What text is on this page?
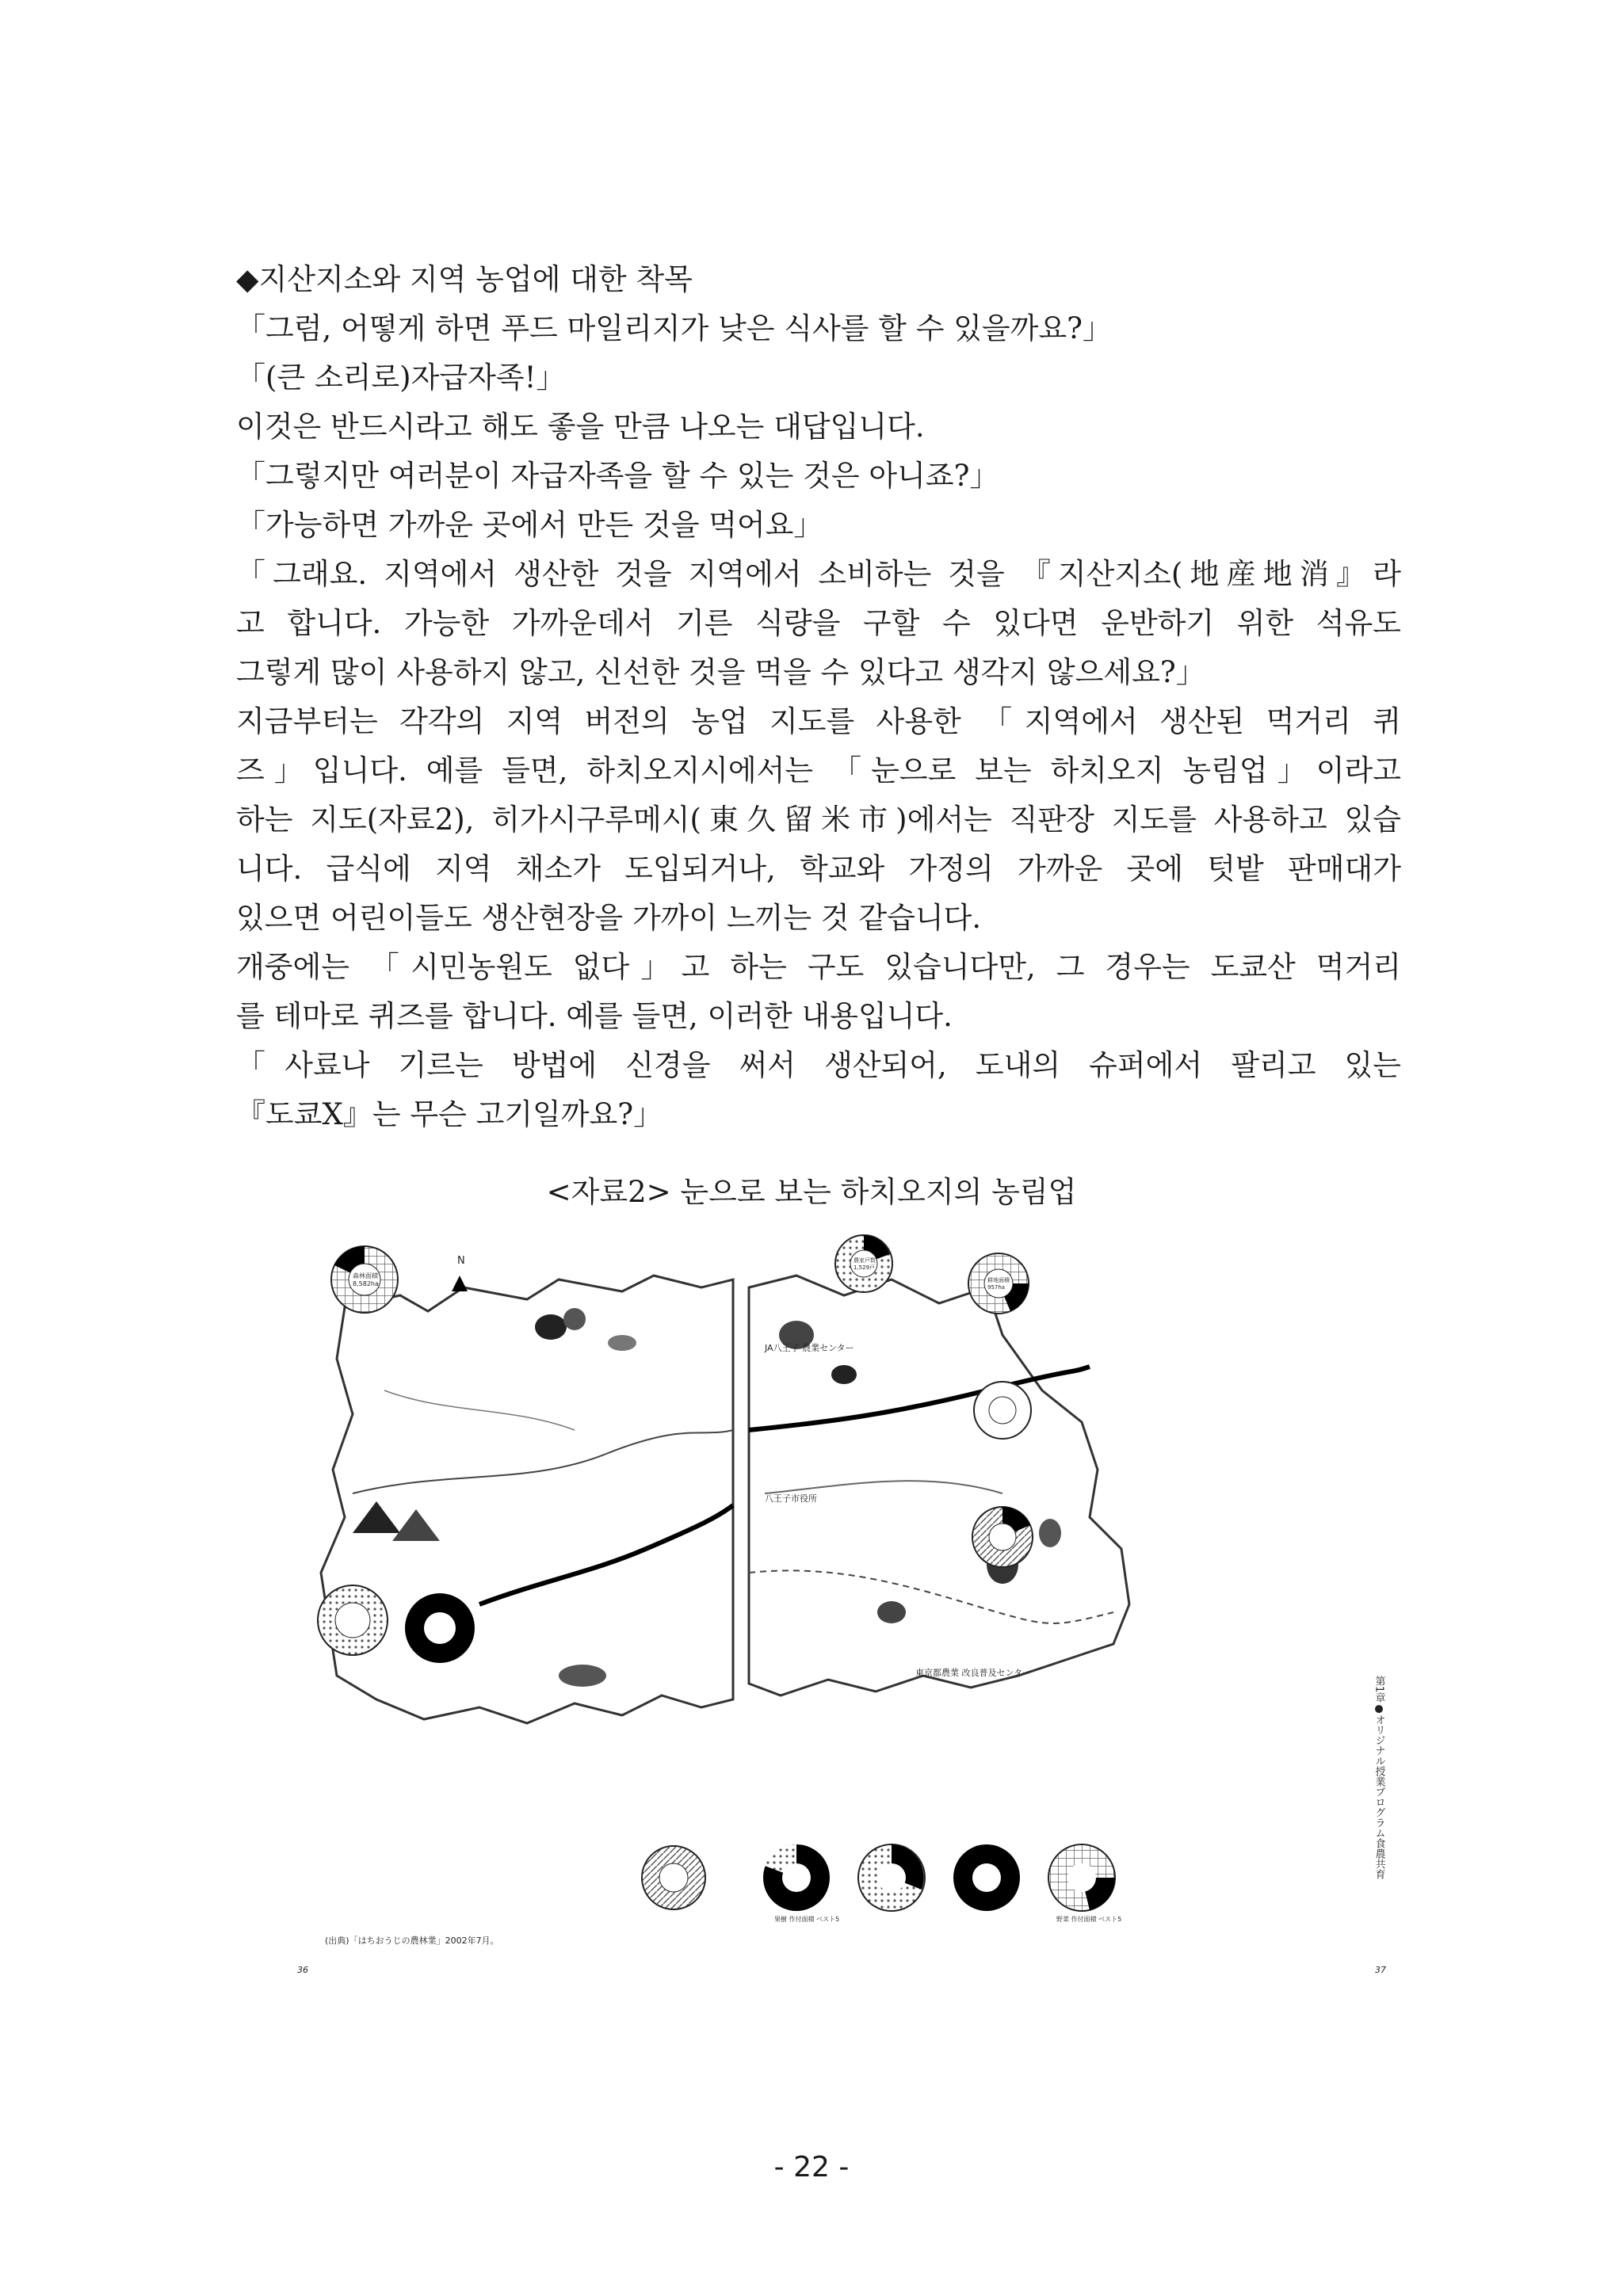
◆지산지소와 지역 농업에 대한 착목
「그럼, 어떻게 하면 푸드 마일리지가 낮은 식사를 할 수 있을까요?」
「(큰 소리로)자급자족!」
이것은 반드시라고 해도 좋을 만큼 나오는 대답입니다.
「그렇지만 여러분이 자급자족을 할 수 있는 것은 아니죠?」
「가능하면 가까운 곳에서 만든 것을 먹어요」
「그래요. 지역에서 생산한 것을 지역에서 소비하는 것을 『지산지소(地産地消』라
고 합니다. 가능한 가까운데서 기른 식량을 구할 수 있다면 운반하기 위한 석유도
그렇게 많이 사용하지 않고, 신선한 것을 먹을 수 있다고 생각지 않으세요?」
지금부터는 각각의 지역 버전의 농업 지도를 사용한 「지역에서 생산된 먹거리 퀴
즈」입니다. 예를 들면, 하치오지시에서는 「눈으로 보는 하치오지 농림업」이라고
하는 지도(자료2), 히가시구루메시(東久留米市)에서는 직판장 지도를 사용하고 있습
니다. 급식에 지역 채소가 도입되거나, 학교와 가정의 가까운 곳에 텃밭 판매대가
있으면 어린이들도 생산현장을 가까이 느끼는 것 같습니다.
개중에는 「시민농원도 없다」고 하는 구도 있습니다만, 그 경우는 도쿄산 먹거리
를 테마로 퀴즈를 합니다. 예를 들면, 이러한 내용입니다.
「사료나 기르는 방법에 신경을 써서 생산되어, 도내의 슈퍼에서 팔리고 있는
『도쿄X』는 무슨 고기일까요?」
<자료2> 눈으로 보는 하치오지의 농림업
N
JA八王子 農業センター
八王子市役所
東京都農業 改良普及センター
森林面積
8,582ha
農家戸数
1,529戸
耕地面積
957ha
果樹 作付面積 ベスト5	野菜 作付面積 ベスト5
(出典)「はちおうじの農林業」2002年7月。
36	37
第1章●オリジナル授業プログラム食農共育
- 22 -
